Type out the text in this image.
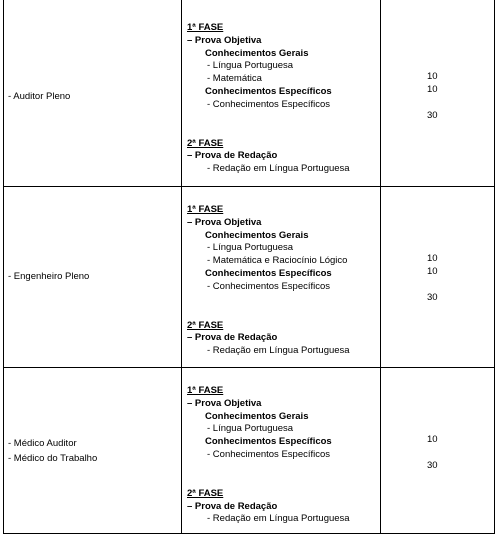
- Auditor Pleno
1ª FASE
– Prova Objetiva
Conhecimentos Gerais
- Língua Portuguesa
- Matemática
Conhecimentos Específicos
- Conhecimentos Específicos
2ª FASE
– Prova de Redação
- Redação em Língua Portuguesa
10
10
30
- Engenheiro Pleno
1ª FASE
– Prova Objetiva
Conhecimentos Gerais
- Língua Portuguesa
- Matemática e Raciocínio Lógico
Conhecimentos Específicos
- Conhecimentos Específicos
2ª FASE
– Prova de Redação
- Redação em Língua Portuguesa
10
10
30
- Médico Auditor
- Médico do Trabalho
1ª FASE
– Prova Objetiva
Conhecimentos Gerais
- Língua Portuguesa
Conhecimentos Específicos
- Conhecimentos Específicos
2ª FASE
– Prova de Redação
- Redação em Língua Portuguesa
10
30
